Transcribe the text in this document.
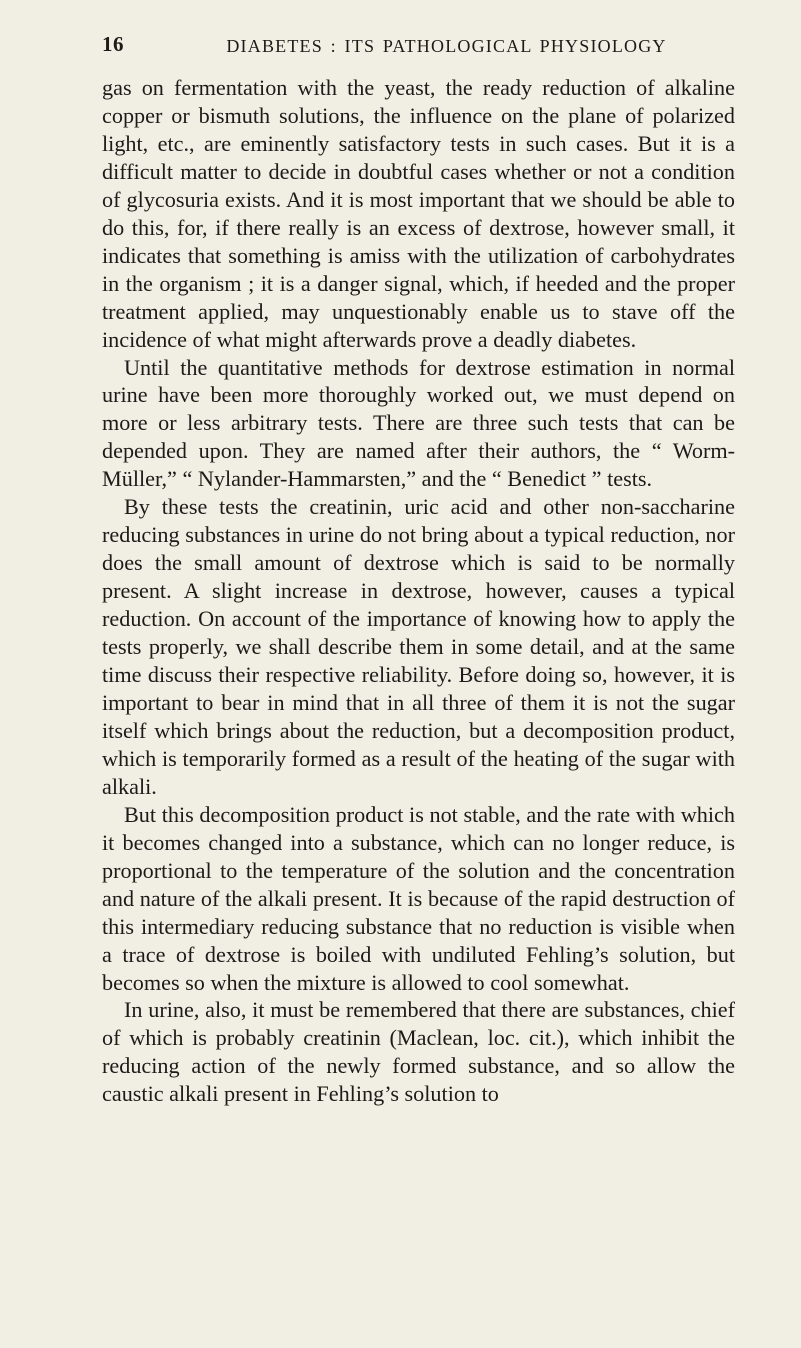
16	DIABETES : ITS PATHOLOGICAL PHYSIOLOGY

gas on fermentation with the yeast, the ready reduction of alkaline copper or bismuth solutions, the influence on the plane of polarized light, etc., are eminently satisfactory tests in such cases. But it is a difficult matter to decide in doubtful cases whether or not a condition of glycosuria exists. And it is most important that we should be able to do this, for, if there really is an excess of dextrose, however small, it indicates that something is amiss with the utilization of carbohydrates in the organism ; it is a danger signal, which, if heeded and the proper treatment applied, may unquestionably enable us to stave off the incidence of what might afterwards prove a deadly diabetes.

Until the quantitative methods for dextrose estimation in normal urine have been more thoroughly worked out, we must depend on more or less arbitrary tests. There are three such tests that can be depended upon. They are named after their authors, the “ Worm-Müller,” “ Nylander-Hammarsten,” and the “ Benedict ” tests.

By these tests the creatinin, uric acid and other non-saccharine reducing substances in urine do not bring about a typical reduction, nor does the small amount of dextrose which is said to be normally present. A slight increase in dextrose, however, causes a typical reduction. On account of the importance of knowing how to apply the tests properly, we shall describe them in some detail, and at the same time discuss their respective reliability. Before doing so, however, it is important to bear in mind that in all three of them it is not the sugar itself which brings about the reduction, but a decomposition product, which is temporarily formed as a result of the heating of the sugar with alkali.

But this decomposition product is not stable, and the rate with which it becomes changed into a substance, which can no longer reduce, is proportional to the temperature of the solution and the concentration and nature of the alkali present. It is because of the rapid destruction of this intermediary reducing substance that no reduction is visible when a trace of dextrose is boiled with undiluted Fehling’s solution, but becomes so when the mixture is allowed to cool somewhat.

In urine, also, it must be remembered that there are substances, chief of which is probably creatinin (Maclean, loc. cit.), which inhibit the reducing action of the newly formed substance, and so allow the caustic alkali present in Fehling’s solution to
